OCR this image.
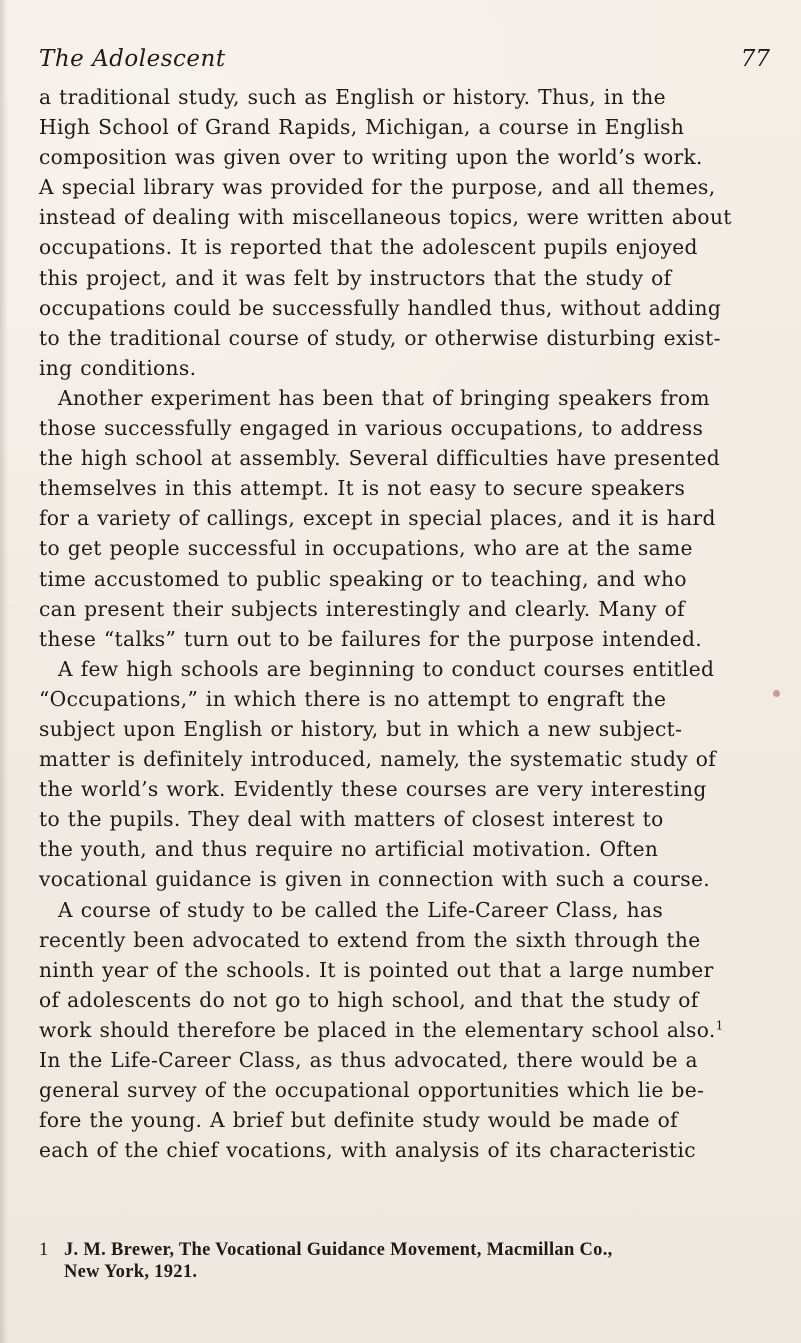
The Adolescent	77
a traditional study, such as English or history. Thus, in the
High School of Grand Rapids, Michigan, a course in English
composition was given over to writing upon the world’s work.
A special library was provided for the purpose, and all themes,
instead of dealing with miscellaneous topics, were written about
occupations. It is reported that the adolescent pupils enjoyed
this project, and it was felt by instructors that the study of
occupations could be successfully handled thus, without adding
to the traditional course of study, or otherwise disturbing exist-
ing conditions.
Another experiment has been that of bringing speakers from
those successfully engaged in various occupations, to address
the high school at assembly. Several difficulties have presented
themselves in this attempt. It is not easy to secure speakers
for a variety of callings, except in special places, and it is hard
to get people successful in occupations, who are at the same
time accustomed to public speaking or to teaching, and who
can present their subjects interestingly and clearly. Many of
these “talks” turn out to be failures for the purpose intended.
A few high schools are beginning to conduct courses entitled
“Occupations,” in which there is no attempt to engraft the
subject upon English or history, but in which a new subject-
matter is definitely introduced, namely, the systematic study of
the world’s work. Evidently these courses are very interesting
to the pupils. They deal with matters of closest interest to
the youth, and thus require no artificial motivation. Often
vocational guidance is given in connection with such a course.
A course of study to be called the Life-Career Class, has
recently been advocated to extend from the sixth through the
ninth year of the schools. It is pointed out that a large number
of adolescents do not go to high school, and that the study of
work should therefore be placed in the elementary school also.$^1$
In the Life-Career Class, as thus advocated, there would be a
general survey of the occupational opportunities which lie be-
fore the young. A brief but definite study would be made of
each of the chief vocations, with analysis of its characteristic
1 J. M. Brewer, The Vocational Guidance Movement, Macmillan Co.,
New York, 1921.
